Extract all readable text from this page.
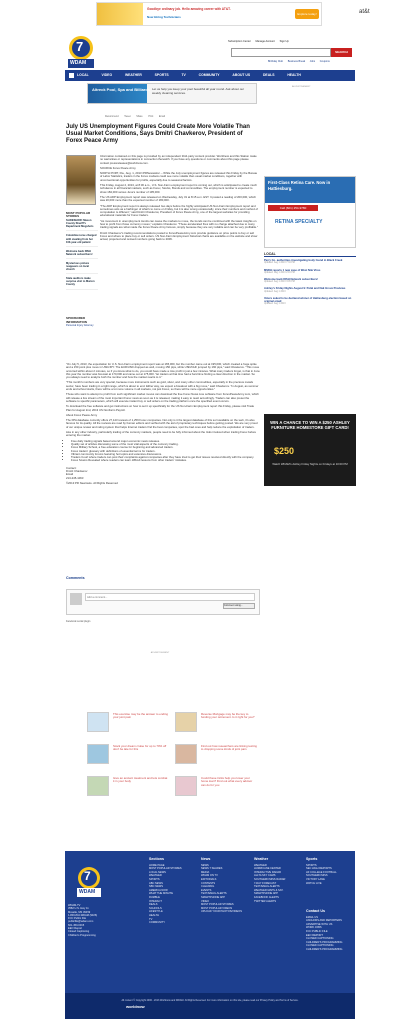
Goodbye ordinary job. Hello amazing career with AT&T.
Now Hiring Technicians
Explore today!	at&t
7
WDAM
Subscription Center Manage Account Sign Up
SEARCH
Birthday Club Business Break Jobs Coupons
LOCAL	VIDEO	WEATHER	SPORTS	TV	COMMUNITY	ABOUT US	DEALS	HEALTH
Altreck Pool, Spa and Billiards Let us help you keep your pool beautiful all year round. Ask about our weekly cleaning services.
ADVERTISEMENT
Recommend Tweet Share Print Email
July US Unemployment Figures Could Create More Volatile Than Usual Market Conditions, Says Dmitri Chavkerov, President of Forex Peace Army

Information contained on this page is provided by an independent third-party content provider. Worldnow and this Station make no warranties or representations in connection therewith. If you have any questions or comments about this page please contact pressreleases@worldnow.com.

SOURCE Forex Peace Army

NORTH PORT, Fla., Aug. 1, 2013 /PRNewswire/ -- While the July unemployment figures are released this Friday by the Bureau of Labor Statistics, traders in the Forex markets could see more volatile than usual market conditions, together with unconventional opportunities for profits, especially due to seasonal factors.

This Friday, August 2, 2013, at 8:30 a.m., U.S. Non-Farm employment report is coming out, which is anticipated to create much turbulence in all financial markets, such as Forex, Stocks, Bonds and commodities. The employment number is expected to show 184,000 versus June's number of 195,000.

The US ADP Employment report was released on Wednesday, July 31 at 8:15 a.m. EST. It posted a reading of 200,000, which was 20,000 more than the expected number of 180,000.

"The ADP Employment report is always released two days before the highly anticipated US Non-Farm Employment report and sometimes acts as a harbinger of what's to come on Friday, but it is also wrong occasionally, since their numbers and method of computation is different," said Dmitri Chavkerov, President of Forex Peace Army, one of the largest websites for providing educational materials for Forex traders.

"As movement in unemployment trends can cause the markets to move, the trends can be combined with the latest insights on how to profit from those currency moves," explains Chavkerov. "These accelerated fires with no charge attached due to many trading signals are what made the Forex Peace Army famous, simply because they are very reliable and can be very profitable."

Dmitri Chavkerov's trading recommendations posted to ForexPeaceArmy.com provide guidance on price points to buy or sell Forex and where to place buy or sell orders. US Non-Farm Employment historical charts are available on the website and show actual, projected and revised numbers going back to 2006.

MOST POPULAR STORIES
SLIDESHOW: Mason County Sheriff's Department Mugshots
Columbia nurse charged with stealing from her 100-year-old patient
Welcome back DISH Network subscribers!
Mysterious picture reappears on local church
State auditors make surprise visit to Marion County
SPONSORED INFORMATION
Personal Injury Attorney

"On July 5, 2013, the expectation for U.S. Non-Farm employment report was at 165,000, but the number came out at 195,000, which created a huge spike and a 150 point plus move in USD/JPY. The EUR/USD dropped as well, moving 150 pips, while USD/CHF jumped by 160 pips," said Chavkerov. "This move occurred within about 2 minutes, so if you knew what to do, you could have made a nice profit in just a few minutes. What many traders forget, is that in June this year the number was forecast at 170,000 and came out at 175,000. Yet traders at that time had a hard time finding a clear direction in the market. So you always need to analyze both the number and how the market reacts to it."

"This month's numbers are very special, because more instruments such as gold, silver, and many other commodities, especially in the precious metals sector, have been trading in a tight range, which is about to end. Either way, we expect a breakout with a big move," said Chavkerov. "In August, as summer ends and school starts, there will be a lot more volume in all markets, not just Forex, so there will be more opportunities."

Those who want to attempt to profit from such significant market moves can download the free Forex News Live software from ForexPeaceArmy.com, which will release a live stream of the most important Forex news as soon as it is released, making it easy to react accordingly. Traders can also preset the software to specific parameters, which will execute instant buy or sell orders on the trading platform once the specified event occurs.

To download the free software and get instructions on how to set it up specifically for the US Non-Farm Employment report this Friday, please visit Trade Plan for August 2nd, 2013 US NonFarm Payroll.

About Forex Peace Army

The FPA database currently offers 27,143 reviews of 1,259 Forex companies. Not only is it the largest database of this sort available on the web, it's also famous for its quality. All the reviews are read by human editors and verified with the aid of proprietary techniques before getting posted. We are very proud of our unique review and rating system that helps Internet traders find the best companies, spot the bad ones and help reduce the exploitation of traders.

Like in any other industry, particularly trading of the currency markets, people need to be fully informed about the risks involved when trading Forex before entering the market.

• Free daily trading signals based around major economic news releases.
• Quality set of articles discussing some of the most vital aspects of the currency trading.
• Forex Military School, a free education course for beginning and advanced traders.
• Forex traders' glossary with definitions of essential terms for traders.
• Vibrant community forums featuring hot topics and extensive discussions.
• Traders Court where traders can post their complaints against companies after they have tried to get their issues resolved directly with the company.
• Forex Scams Revealed where readers can learn difficult lessons from other traders' mistakes.

Contact:
Dmitri Chavkerov
Email
213-245-1063

©2013 PR Newswire. All Rights Reserved

Comments
Add a comment...
Comment using...
Facebook social plugin
ADVERTISEMENT
This exercise may be the answer to ending your joint pain
Reverse Mortgage may be the key to funding your retirement. Is it right for you?
Stock your dream cruise for up to 70% off don't be late for this
Find out how researchers are linking texting to dropping some kinds of joint pain
Give an ancient treatment and lets combat it in your body
Could these tricks help you lower your home loan? Find out what every advisor can do for you
First-Class Retina Care. Now in Hattiesburg.
Call (601) 254-9780
RETINA SPECIALTY
LOCAL
Perry Co. authorities investigating body found in Black Creek
Updated: Aug 1 2013 7:34 PM
MSDH reports 1 new case of West Nile Virus
Updated: Aug 1 2013 2:16 PM
Welcome back DISH Network subscribers!
Updated: Aug 1 2013 3:45 PM
Ashley's Friday Nights August 9: Petal and Oak Grove Previews
Updated: Aug 1 2013
Voters asked to be declared winner of Hattiesburg election based on original email
Updated: Aug 1 2013
WIN A CHANCE TO WIN A $250 ASHLEY FURNITURE HOMESTORE GIFT CARD!
$250
Watch WDAM's Ashley Friday Nights on Fridays at 10:00 PM
7
WDAM
WDAM-TV
3582 U.S. Hwy 11
Moselle, MS 39459
1-800-844-WDAM (9326)
FCC Public File
publicfile@wdam.com
601-450-6315
EEO Report
Closed Captioning
Children's Programming
Sections
HOME PAGE
MOST POPULAR STORIES
LOCAL NEWS
WEATHER
SPORTS
ABC NEWS
NBC NEWS
AMERICA NOW
WHAT THE MINUTE
RUMBLE
INTERACT
DEALS
SCHOOLS
LIFESTYLE
HEALTH
TV
COMMUNITY
News
NEWS
NEWS 7 SHARES
MEDIA
WDAM ON TV
EDITORIALS
CONTESTS
CLEANING
EVENTS
TEXT/EMAIL ALERTS
SMARTPHONE APP
VIDEO
MOST POPULAR STORIES
MOST POPULAR VIDEOS
UPLOAD YOUR PHOTOS/VIDEOS
Weather
WEATHER
HURRICANE CENTER
INTERACTIVE RADAR
ALLTA SKY CAMS
SOUTHERN MISS RADAR
7-DAY FORECAST
TEXT/EMAIL ALERTS
WEATHER MAPS & SAT.
SMARTPHONE APP
FACEBOOK ALERTS
TWITTER ALERTS
Sports
SPORTS
SEC HIGH REPORTS
HF COLLEGE FOOTBALL
SOUTHERN MISS
VICTORY LANE
WATCH LIVE
Contact Us
EMAIL US
ANCHORS AND REPORTERS
ADVERTISE WITH US
WORK JOBS
FCC PUBLIC FILE
EEO REPORT
CLOSED CAPTIONING
CHILDREN'S PROGRAMMING
CLOSED CAPTIONING
CHILDREN'S PROGRAMMING
All content © Copyright 2000 - 2013 Worldnow and WDAM. All Rights Reserved. For more information on this site, please read our Privacy Policy and Terms of Service.
worldnow
